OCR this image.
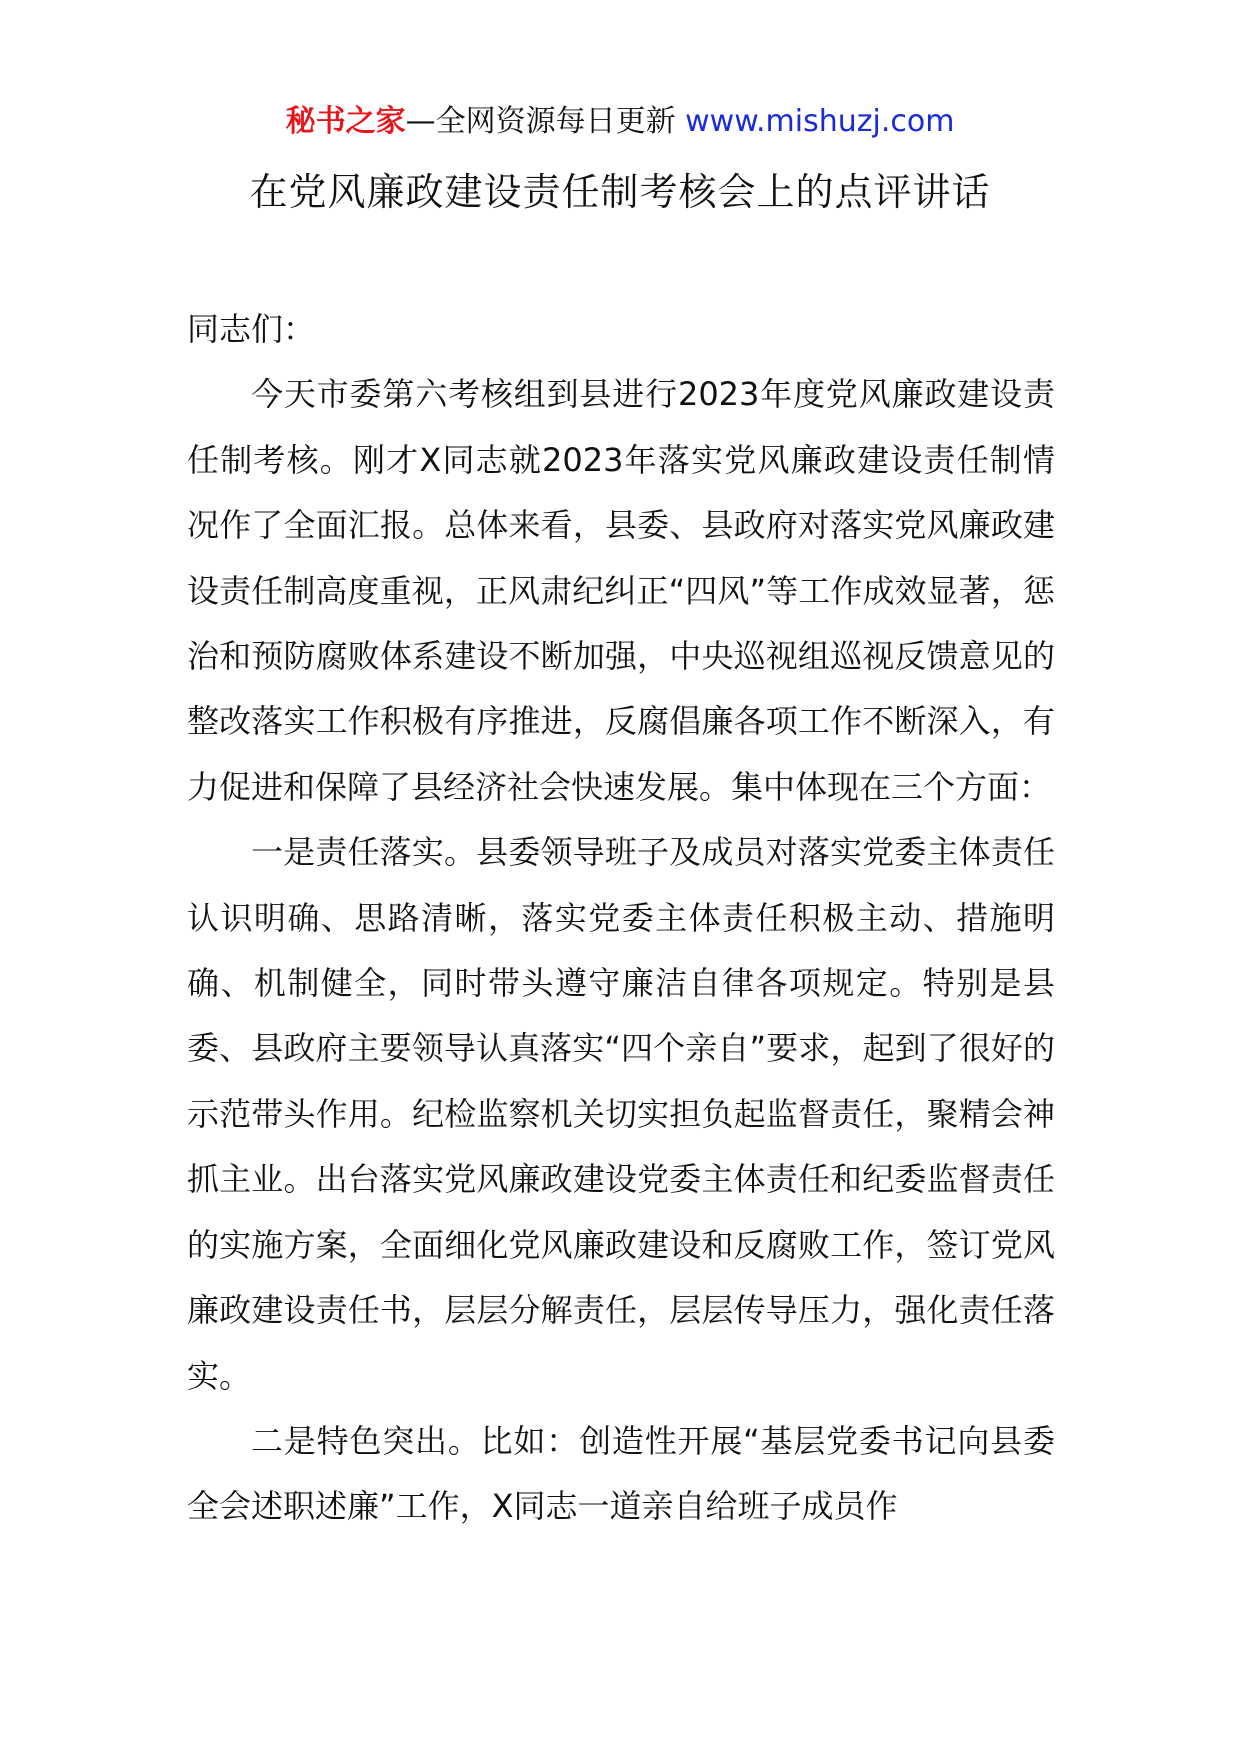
秘书之家—全网资源每日更新 www.mishuzj.com
在党风廉政建设责任制考核会上的点评讲话

同志们：

今天市委第六考核组到县进行2023年度党风廉政建设责任制考核。刚才X同志就2023年落实党风廉政建设责任制情况作了全面汇报。总体来看，县委、县政府对落实党风廉政建设责任制高度重视，正风肃纪纠正“四风”等工作成效显著，惩治和预防腐败体系建设不断加强，中央巡视组巡视反馈意见的整改落实工作积极有序推进，反腐倡廉各项工作不断深入，有力促进和保障了县经济社会快速发展。集中体现在三个方面：

一是责任落实。县委领导班子及成员对落实党委主体责任认识明确、思路清晰，落实党委主体责任积极主动、措施明确、机制健全，同时带头遵守廉洁自律各项规定。特别是县委、县政府主要领导认真落实“四个亲自”要求，起到了很好的示范带头作用。纪检监察机关切实担负起监督责任，聚精会神抓主业。出台落实党风廉政建设党委主体责任和纪委监督责任的实施方案，全面细化党风廉政建设和反腐败工作，签订党风廉政建设责任书，层层分解责任，层层传导压力，强化责任落实。

二是特色突出。比如：创造性开展“基层党委书记向县委全会述职述廉”工作，X同志一道亲自给班子成员作
